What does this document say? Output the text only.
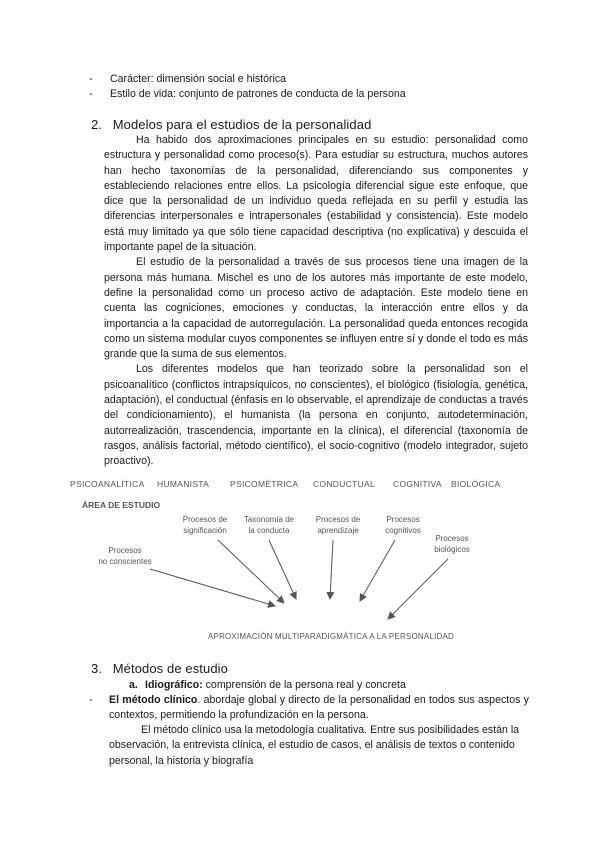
- Carácter: dimensión social e histórica
- Estilo de vida: conjunto de patrones de conducta de la persona
2. Modelos para el estudios de la personalidad

Ha habido dos aproximaciones principales en su estudio: personalidad como estructura y personalidad como proceso(s). Para estudiar su estructura, muchos autores han hecho taxonomías de la personalidad, diferenciando sus componentes y estableciendo relaciones entre ellos. La psicología diferencial sigue este enfoque, que dice que la personalidad de un individuo queda reflejada en su perfil y estudia las diferencias interpersonales e intrapersonales (estabilidad y consistencia). Este modelo está muy limitado ya que sólo tiene capacidad descriptiva (no explicativa) y descuida el importante papel de la situación.

El estudio de la personalidad a través de sus procesos tiene una imagen de la persona más humana. Mischel es uno de los autores más importante de este modelo, define la personalidad como un proceso activo de adaptación. Este modelo tiene en cuenta las cogniciones, emociones y conductas, la interacción entre ellos y da importancia a la capacidad de autorregulación. La personalidad queda entonces recogida como un sistema modular cuyos componentes se influyen entre sí y donde el todo es más grande que la suma de sus elementos.

Los diferentes modelos que han teorizado sobre la personalidad son el psicoanalítico (conflictos intrapsíquicos, no conscientes), el biológico (fisiología, genética, adaptación), el conductual (énfasis en lo observable, el aprendizaje de conductas a través del condicionamiento), el humanista (la persona en conjunto, autodeterminación, autorrealización, trascendencia, importante en la clínica), el diferencial (taxonomía de rasgos, análisis factorial, método científico), el socio-cognitivo (modelo integrador, sujeto proactivo).

PSICOANALÍTICA HUMANISTA PSICOMÉTRICA CONDUCTUAL COGNITIVA BIOLÓGICA
ÁREA DE ESTUDIO
Procesos
no conscientes
Procesos de
significación
Taxonomía de
la conducta
Procesos de
aprendizaje
Procesos
cognitivos
Procesos
biológicos
APROXIMACIÓN MULTIPARADIGMÁTICA A LA PERSONALIDAD
3. Métodos de estudio
a. Idiográfico: comprensión de la persona real y concreta
- El método clínico. abordaje global y directo de la personalidad en todos sus aspectos y contextos, permitiendo la profundización en la persona.

El método clínico usa la metodología cualitativa. Entre sus posibilidades están la observación, la entrevista clínica, el estudio de casos, el análisis de textos o contenido personal, la historia y biografía
